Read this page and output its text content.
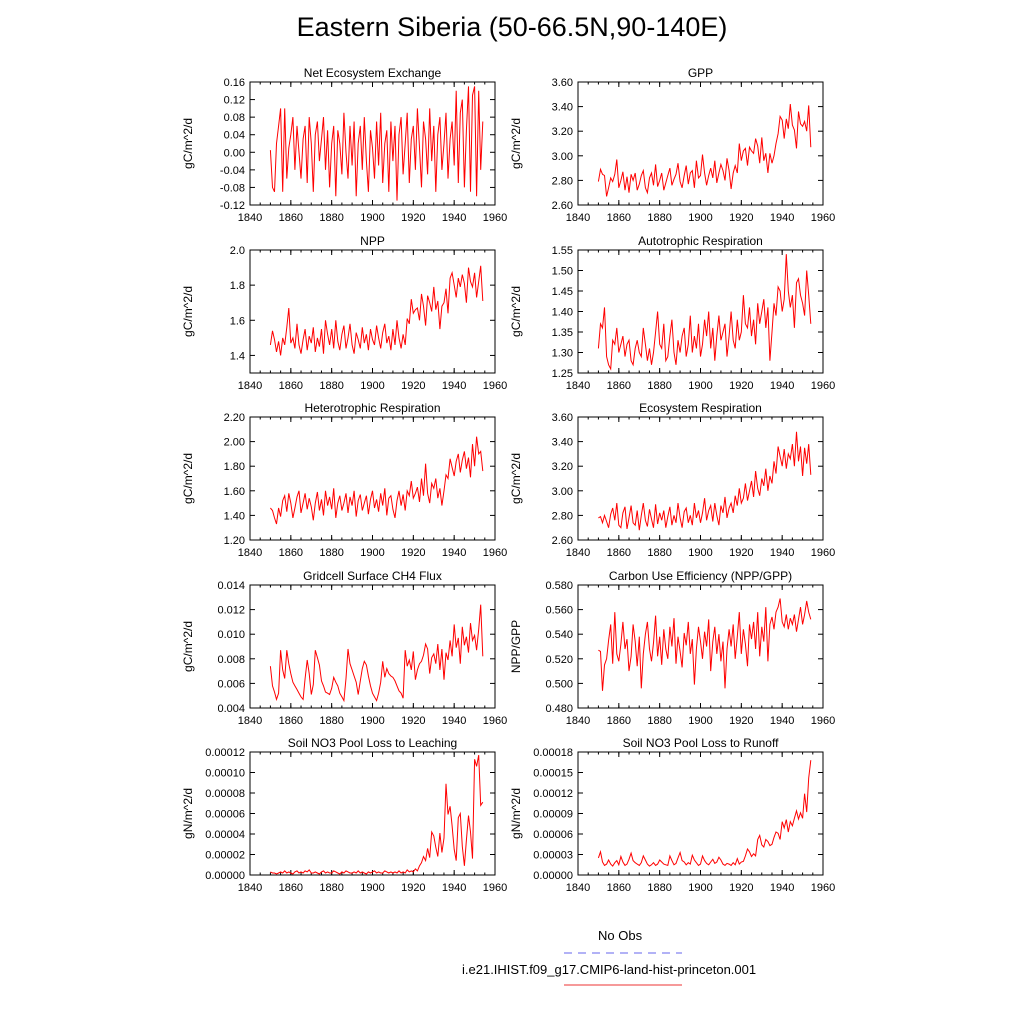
Eastern Siberia (50-66.5N,90-140E)
Net Ecosystem Exchange
gC/m^2/d
1840 1860 1880 1900 1920 1940 1960
-0.12
-0.08
-0.04
0.00
0.04
0.08
0.12
0.16
GPP
gC/m^2/d
1840 1860 1880 1900 1920 1940 1960
2.60
2.80
3.00
3.20
3.40
3.60
NPP
gC/m^2/d
1840 1860 1880 1900 1920 1940 1960
1.4
1.6
1.8
2.0
Autotrophic Respiration
gC/m^2/d
1840 1860 1880 1900 1920 1940 1960
1.25
1.30
1.35
1.40
1.45
1.50
1.55
Heterotrophic Respiration
gC/m^2/d
1840 1860 1880 1900 1920 1940 1960
1.20
1.40
1.60
1.80
2.00
2.20
Ecosystem Respiration
gC/m^2/d
1840 1860 1880 1900 1920 1940 1960
2.60
2.80
3.00
3.20
3.40
3.60
Gridcell Surface CH4 Flux
gC/m^2/d
1840 1860 1880 1900 1920 1940 1960
0.004
0.006
0.008
0.010
0.012
0.014
Carbon Use Efficiency (NPP/GPP)
NPP/GPP
1840 1860 1880 1900 1920 1940 1960
0.480
0.500
0.520
0.540
0.560
0.580
Soil NO3 Pool Loss to Leaching
gN/m^2/d
1840 1860 1880 1900 1920 1940 1960
0.00000
0.00002
0.00004
0.00006
0.00008
0.00010
0.00012
Soil NO3 Pool Loss to Runoff
gN/m^2/d
1840 1860 1880 1900 1920 1940 1960
0.00000
0.00003
0.00006
0.00009
0.00012
0.00015
0.00018
No Obs
i.e21.IHIST.f09_g17.CMIP6-land-hist-princeton.001
